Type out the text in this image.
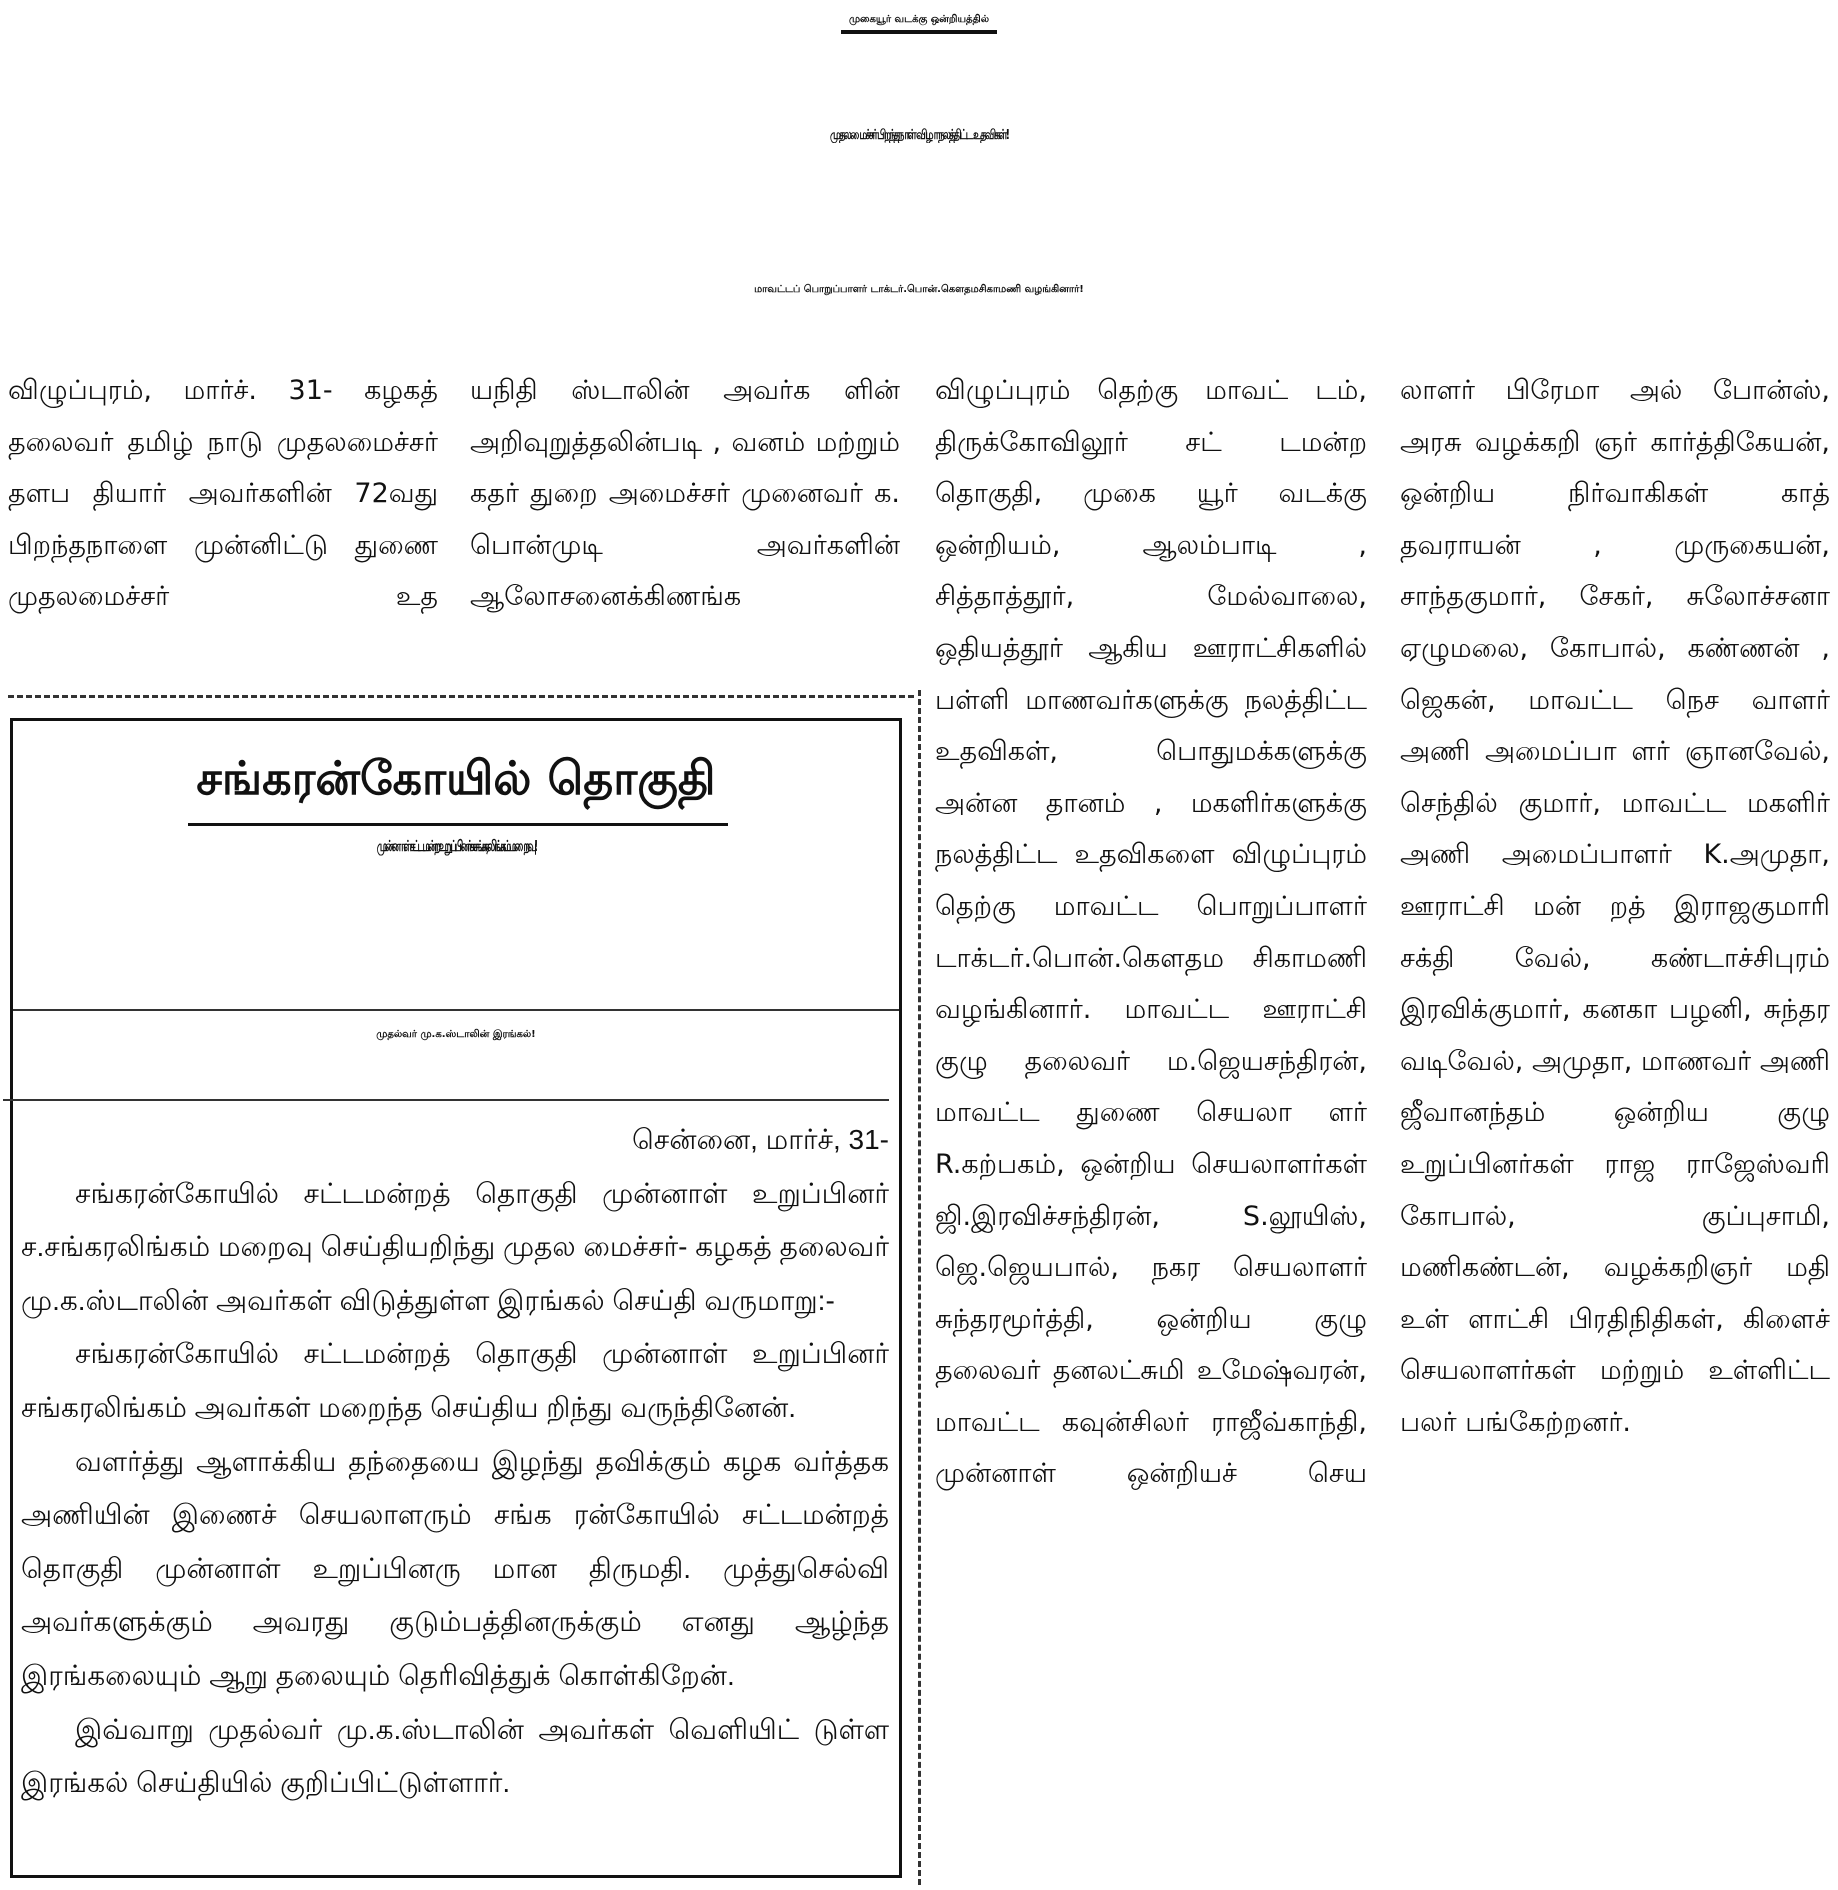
முகையூர் வடக்கு ஒன்றியத்தில்
முதலமைச்சர் பிறந்தநாள் விழா நலத்திட்ட உதவிகள்!
மாவட்டப் பொறுப்பாளர் டாக்டர்.பொன்.கௌதமசிகாமணி வழங்கினார்!

விழுப்புரம், மார்ச். 31- கழகத் தலைவர் தமிழ் நாடு முதலமைச்சர் தளப தியார் அவர்களின் 72வது பிறந்தநாளை முன்னிட்டு துணை முதலமைச்சர் உத

யநிதி ஸ்டாலின் அவர்க ளின் அறிவுறுத்தலின்படி , வனம் மற்றும் கதர் துறை அமைச்சர் முனைவர் க. பொன்முடி அவர்களின் ஆலோசனைக்கிணங்க

விழுப்புரம் தெற்கு மாவட் டம், திருக்கோவிலூர் சட் டமன்ற தொகுதி, முகை யூர் வடக்கு ஒன்றியம், ஆலம்பாடி , சித்தாத்தூர், மேல்வாலை, ஒதியத்தூர் ஆகிய ஊராட்சிகளில் பள்ளி மாணவர்களுக்கு நலத்திட்ட உதவிகள், பொதுமக்களுக்கு அன்ன தானம் , மகளிர்களுக்கு நலத்திட்ட உதவிகளை விழுப்புரம் தெற்கு மாவட்ட பொறுப்பாளர் டாக்டர்.பொன்.கௌதம சிகாமணி வழங்கினார். மாவட்ட ஊராட்சி குழு தலைவர் ம.ஜெயசந்திரன், மாவட்ட துணை செயலா ளர் R.கற்பகம், ஒன்றிய செயலாளர்கள் ஜி.இரவிச்சந்திரன், S.லூயிஸ், ஜெ.ஜெயபால், நகர செயலாளர் சுந்தரமூர்த்தி, ஒன்றிய குழு தலைவர் தனலட்சுமி உமேஷ்வரன், மாவட்ட கவுன்சிலர் ராஜீவ்காந்தி, முன்னாள் ஒன்றியச் செய

லாளர் பிரேமா அல் போன்ஸ், அரசு வழக்கறி ஞர் கார்த்திகேயன், ஒன்றிய நிர்வாகிகள் காத் தவராயன் , முருகையன், சாந்தகுமார், சேகர், சுலோச்சனா ஏழுமலை, கோபால், கண்ணன் , ஜெகன், மாவட்ட நெச வாளர் அணி அமைப்பா ளர் ஞானவேல், செந்தில் குமார், மாவட்ட மகளிர் அணி அமைப்பாளர் K.அமுதா, ஊராட்சி மன் றத் இராஜகுமாரி சக்தி வேல், கண்டாச்சிபுரம் இரவிக்குமார், கனகா பழனி, சுந்தர வடிவேல், அமுதா, மாணவர் அணி ஜீவானந்தம் ஒன்றிய குழு உறுப்பினர்கள் ராஜ ராஜேஸ்வரி கோபால், குப்புசாமி, மணிகண்டன், வழக்கறிஞர் மதி உள் ளாட்சி பிரதிநிதிகள், கிளைச் செயலாளர்கள் மற்றும் உள்ளிட்ட பலர் பங்கேற்றனர்.

சங்கரன்கோயில் தொகுதி
முன்னாள் சட்டமன்ற உறுப்பினர் ச.சங்கரலிங்கம் மறைவு!
முதல்வர் மு.க.ஸ்டாலின் இரங்கல்!
சென்னை, மார்ச், 31-

சங்கரன்கோயில் சட்டமன்றத் தொகுதி முன்னாள் உறுப்பினர் ச.சங்கரலிங்கம் மறைவு செய்தியறிந்து முதல மைச்சர்- கழகத் தலைவர் மு.க.ஸ்டாலின் அவர்கள் விடுத்துள்ள இரங்கல் செய்தி வருமாறு:-

சங்கரன்கோயில் சட்டமன்றத் தொகுதி முன்னாள் உறுப்பினர் சங்கரலிங்கம் அவர்கள் மறைந்த செய்திய றிந்து வருந்தினேன்.

வளர்த்து ஆளாக்கிய தந்தையை இழந்து தவிக்கும் கழக வர்த்தக அணியின் இணைச் செயலாளரும் சங்க ரன்கோயில் சட்டமன்றத் தொகுதி முன்னாள் உறுப்பினரு மான திருமதி. முத்துசெல்வி அவர்களுக்கும் அவரது குடும்பத்தினருக்கும் எனது ஆழ்ந்த இரங்கலையும் ஆறு தலையும் தெரிவித்துக் கொள்கிறேன்.

இவ்வாறு முதல்வர் மு.க.ஸ்டாலின் அவர்கள் வெளியிட் டுள்ள இரங்கல் செய்தியில் குறிப்பிட்டுள்ளார்.
